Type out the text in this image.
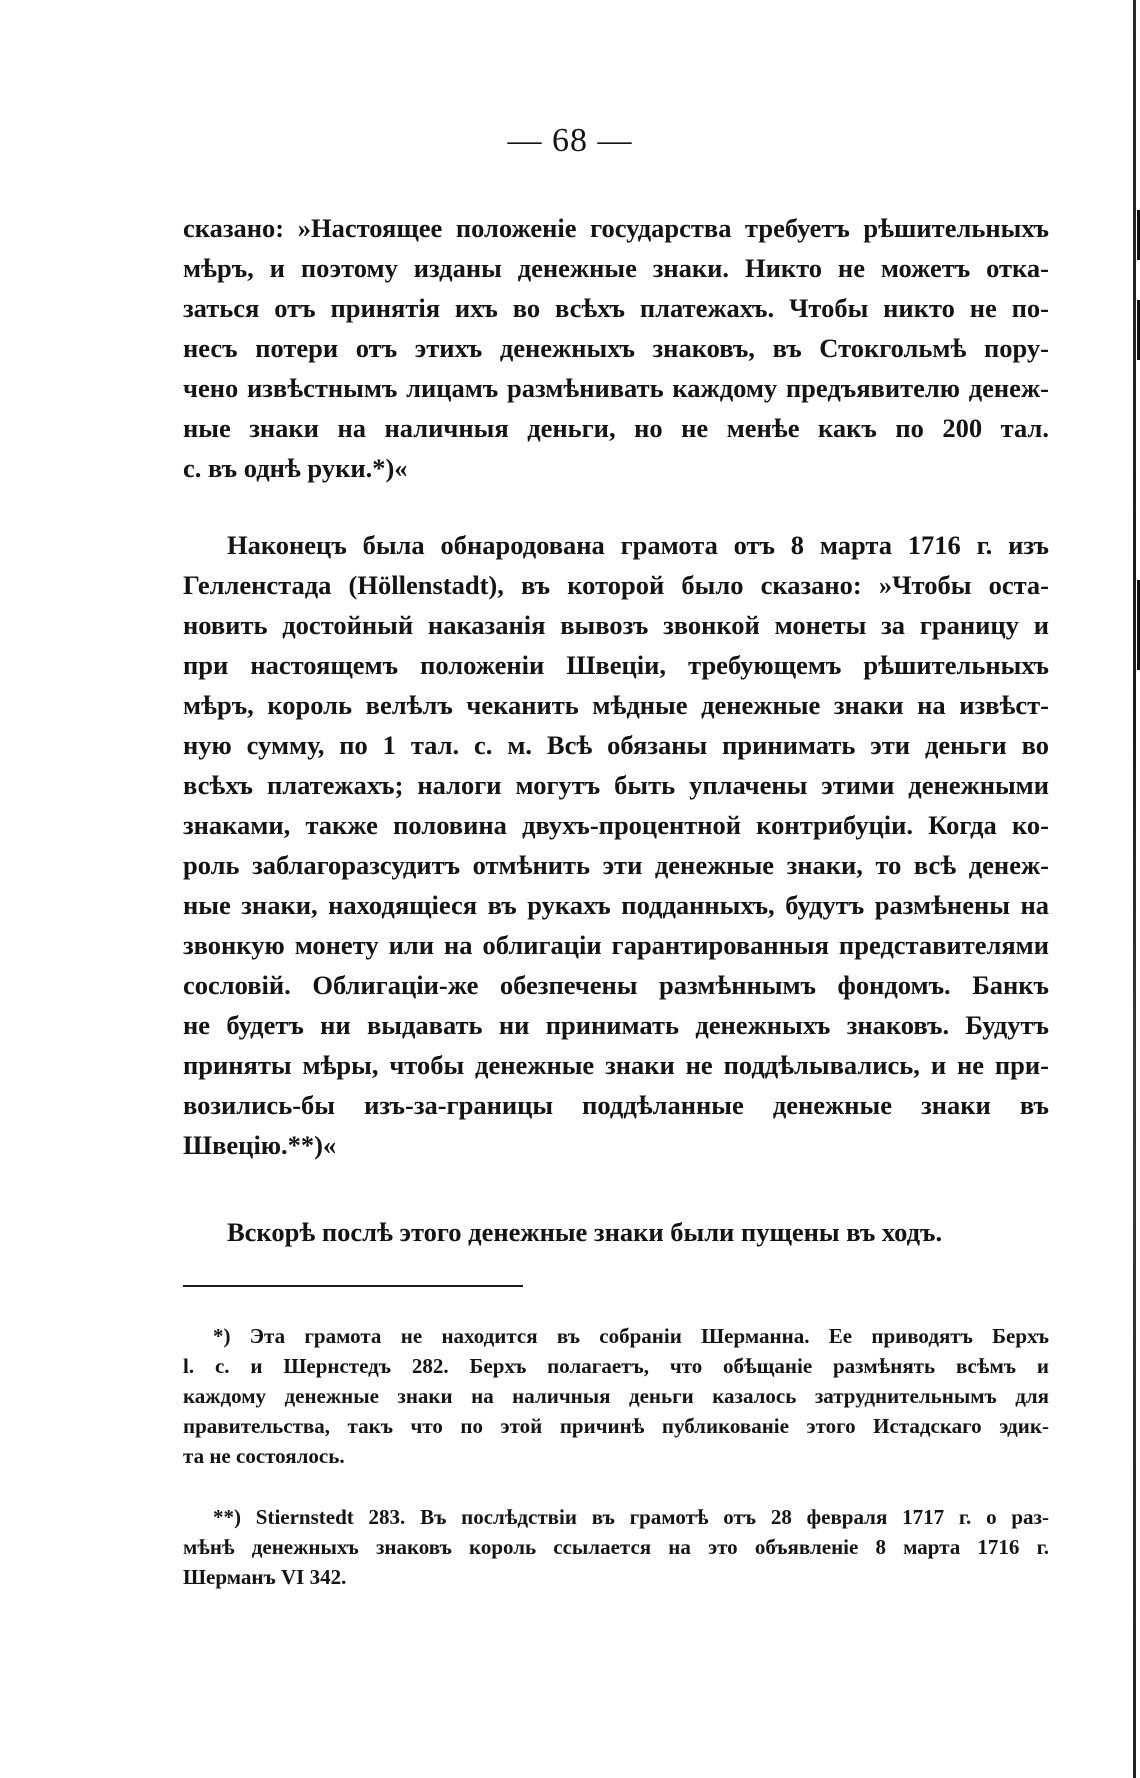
— 68 —
сказано: »Настоящее положеніе государства требуетъ рѣшительныхъ
мѣръ, и поэтому изданы денежные знаки. Никто не можетъ отка-
заться отъ принятія ихъ во всѣхъ платежахъ. Чтобы никто не по-
несъ потери отъ этихъ денежныхъ знаковъ, въ Стокгольмѣ пору-
чено извѣстнымъ лицамъ размѣнивать каждому предъявителю денеж-
ные знаки на наличныя деньги, но не менѣе какъ по 200 тал.
с. въ однѣ руки.*)«
Наконецъ была обнародована грамота отъ 8 марта 1716 г. изъ
Гелленстада (Höllenstadt), въ которой было сказано: »Чтобы оста-
новить достойный наказанія вывозъ звонкой монеты за границу и
при настоящемъ положеніи Швеціи, требующемъ рѣшительныхъ
мѣръ, король велѣлъ чеканить мѣдные денежные знаки на извѣст-
ную сумму, по 1 тал. с. м. Всѣ обязаны принимать эти деньги во
всѣхъ платежахъ; налоги могутъ быть уплачены этими денежными
знаками, также половина двухъ-процентной контрибуціи. Когда ко-
роль заблагоразсудитъ отмѣнить эти денежные знаки, то всѣ денеж-
ные знаки, находящіеся въ рукахъ подданныхъ, будутъ размѣнены на
звонкую монету или на облигаціи гарантированныя представителями
сословій. Облигаціи-же обезпечены размѣннымъ фондомъ. Банкъ
не будетъ ни выдавать ни принимать денежныхъ знаковъ. Будутъ
приняты мѣры, чтобы денежные знаки не поддѣлывались, и не при-
возились-бы изъ-за-границы поддѣланные денежные знаки въ
Швецію.**)«
Вскорѣ послѣ этого денежные знаки были пущены въ ходъ.
*) Эта грамота не находится въ собраніи Шерманна. Ее приводятъ Берхъ
l. c. и Шернстедъ 282. Берхъ полагаетъ, что обѣщаніе размѣнять всѣмъ и
каждому денежные знаки на наличныя деньги казалось затруднительнымъ для
правительства, такъ что по этой причинѣ публикованіе этого Истадскаго эдик-
та не состоялось.
**) Stiernstedt 283. Въ послѣдствіи въ грамотѣ отъ 28 февраля 1717 г. о раз-
мѣнѣ денежныхъ знаковъ король ссылается на это объявленіе 8 марта 1716 г.
Шерманъ VI 342.
